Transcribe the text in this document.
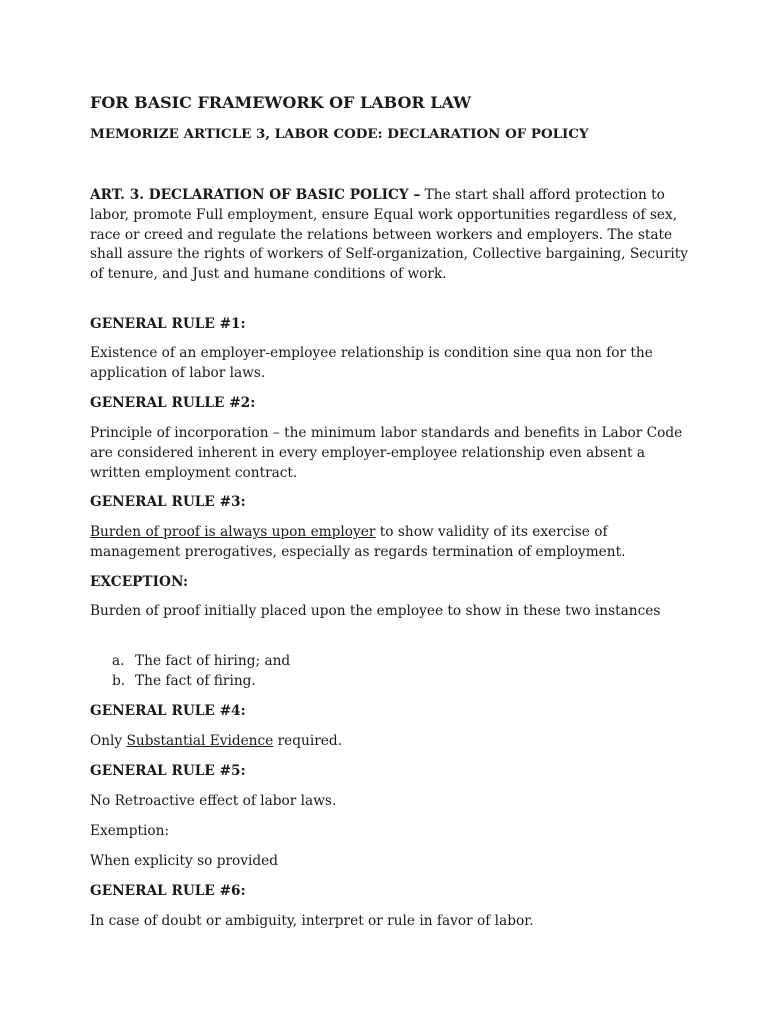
FOR BASIC FRAMEWORK OF LABOR LAW
MEMORIZE ARTICLE 3, LABOR CODE: DECLARATION OF POLICY

ART. 3. DECLARATION OF BASIC POLICY – The start shall afford protection to labor, promote Full employment, ensure Equal work opportunities regardless of sex, race or creed and regulate the relations between workers and employers. The state shall assure the rights of workers of Self-organization, Collective bargaining, Security of tenure, and Just and humane conditions of work.

GENERAL RULE #1:

Existence of an employer-employee relationship is condition sine qua non for the application of labor laws.

GENERAL RULLE #2:

Principle of incorporation – the minimum labor standards and benefits in Labor Code are considered inherent in every employer-employee relationship even absent a written employment contract.

GENERAL RULE #3:

Burden of proof is always upon employer to show validity of its exercise of management prerogatives, especially as regards termination of employment.

EXCEPTION:

Burden of proof initially placed upon the employee to show in these two instances

a. The fact of hiring; and
b. The fact of firing.

GENERAL RULE #4:

Only Substantial Evidence required.

GENERAL RULE #5:

No Retroactive effect of labor laws.

Exemption:

When explicity so provided

GENERAL RULE #6:

In case of doubt or ambiguity, interpret or rule in favor of labor.
